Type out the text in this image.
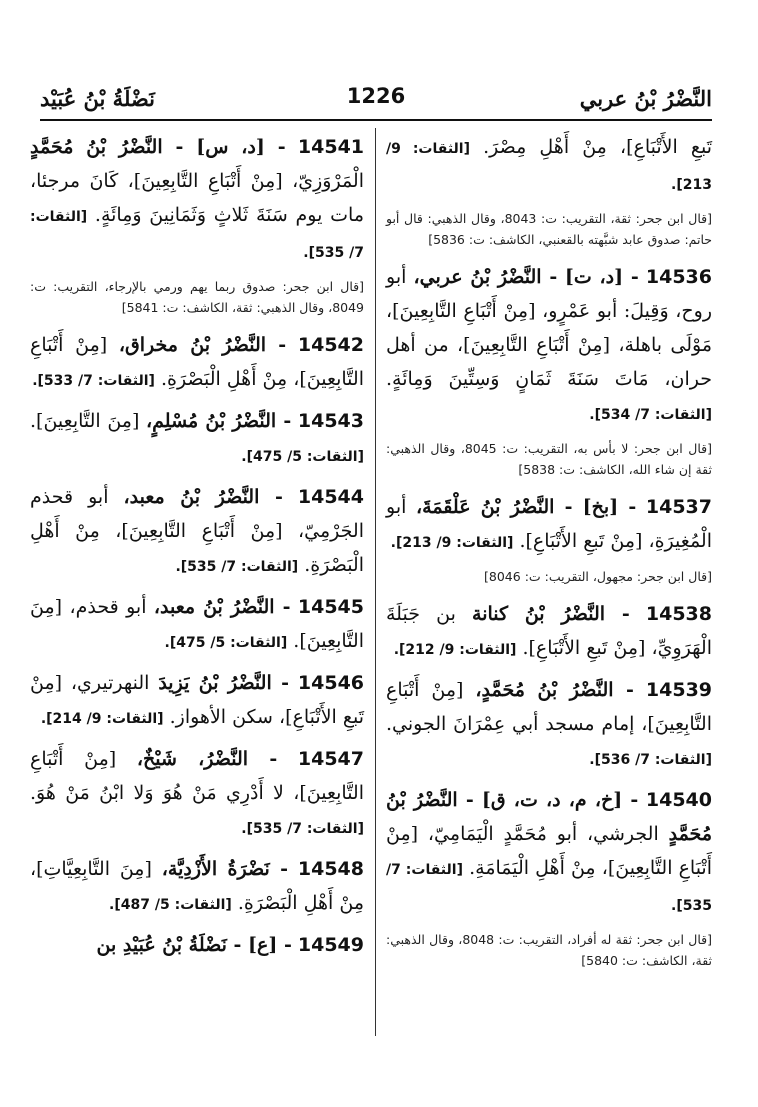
النَّضْرُ بْنُ عربي
1226
نَضْلَةُ بْنُ عُبَيْد
تَبعِ الأَتْبَاعِ]، مِنْ أَهْلِ مِصْرَ. [الثقات: 9/ 213].
[قال ابن جحر: ثقة، التقريب: ت: 8043، وقال الذهبي: قال أبو حاتم: صدوق عابد شبَّهته بالقعنبي، الكاشف: ت: 5836]
14536 - [د، ت] - النَّضْرُ بْنُ عربي، أبو روح، وَقِيلَ: أبو عَمْرٍو، [مِنْ أَتْبَاعِ التَّابِعِينَ]، مَوْلَى باهلة، [مِنْ أَتْبَاعِ التَّابِعِينَ]، من أهل حران، مَاتَ سَنَةَ ثَمَانٍ وَسِتِّينَ وَمِائَةٍ. [الثقات: 7/ 534].
[قال ابن جحر: لا بأس به، التقريب: ت: 8045، وقال الذهبي: ثقة إن شاء الله، الكاشف: ت: 5838]
14537 - [بخ] - النَّضْرُ بْنُ عَلْقَمَةَ، أبو الْمُغِيرَةِ، [مِنْ تَبعِ الأَتْبَاعِ]. [الثقات: 9/ 213].
[قال ابن جحر: مجهول، التقريب: ت: 8046]
14538 - النَّضْرُ بْنُ كنانة بن جَبَلَةَ الْهَرَوِيِّ، [مِنْ تَبعِ الأَتْبَاعِ]. [الثقات: 9/ 212].
14539 - النَّضْرُ بْنُ مُحَمَّدٍ، [مِنْ أَتْبَاعِ التَّابِعِينَ]، إمام مسجد أبي عِمْرَانَ الجوني. [الثقات: 7/ 536].
14540 - [خ، م، د، ت، ق] - النَّضْرُ بْنُ مُحَمَّدٍ الجرشي، أبو مُحَمَّدٍ الْيَمَامِيّ، [مِنْ أَتْبَاعِ التَّابِعِينَ]، مِنْ أَهْلِ الْيَمَامَةِ. [الثقات: 7/ 535].
[قال ابن جحر: ثقة له أفراد، التقريب: ت: 8048، وقال الذهبي: ثقة، الكاشف: ت: 5840]
14541 - [د، س] - النَّضْرُ بْنُ مُحَمَّدٍ الْمَرْوَزِيّ، [مِنْ أَتْبَاعِ التَّابِعِينَ]، كَانَ مرجئا، مات يوم سَنَةَ ثَلاثٍ وَثَمَانِينَ وَمِائَةٍ. [الثقات: 7/ 535].
[قال ابن جحر: صدوق ربما يهم ورمي بالإرجاء، التقريب: ت: 8049، وقال الذهبي: ثقة، الكاشف: ت: 5841]
14542 - النَّضْرُ بْنُ مخراق، [مِنْ أَتْبَاعِ التَّابِعِينَ]، مِنْ أَهْلِ الْبَصْرَةِ. [الثقات: 7/ 533].
14543 - النَّضْرُ بْنُ مُسْلِمٍ، [مِنَ التَّابِعِينَ]. [الثقات: 5/ 475].
14544 - النَّضْرُ بْنُ معبد، أبو قحذم الجَرْمِيّ، [مِنْ أَتْبَاعِ التَّابِعِينَ]، مِنْ أَهْلِ الْبَصْرَةِ. [الثقات: 7/ 535].
14545 - النَّضْرُ بْنُ معبد، أبو قحذم، [مِنَ التَّابِعِينَ]. [الثقات: 5/ 475].
14546 - النَّضْرُ بْنُ يَزِيدَ النهرتيري، [مِنْ تَبعِ الأَتْبَاعِ]، سكن الأهواز. [الثقات: 9/ 214].
14547 - النَّضْرُ، شَيْخٌ، [مِنْ أَتْبَاعِ التَّابِعِينَ]، لا أَدْرِي مَنْ هُوَ وَلا ابْنُ مَنْ هُوَ. [الثقات: 7/ 535].
14548 - نَضْرَةُ الأَزْدِيَّة، [مِنَ التَّابِعِيَّاتِ]، مِنْ أَهْلِ الْبَصْرَةِ. [الثقات: 5/ 487].
14549 - [ع] - نَضْلَةُ بْنُ عُبَيْدِ بن
